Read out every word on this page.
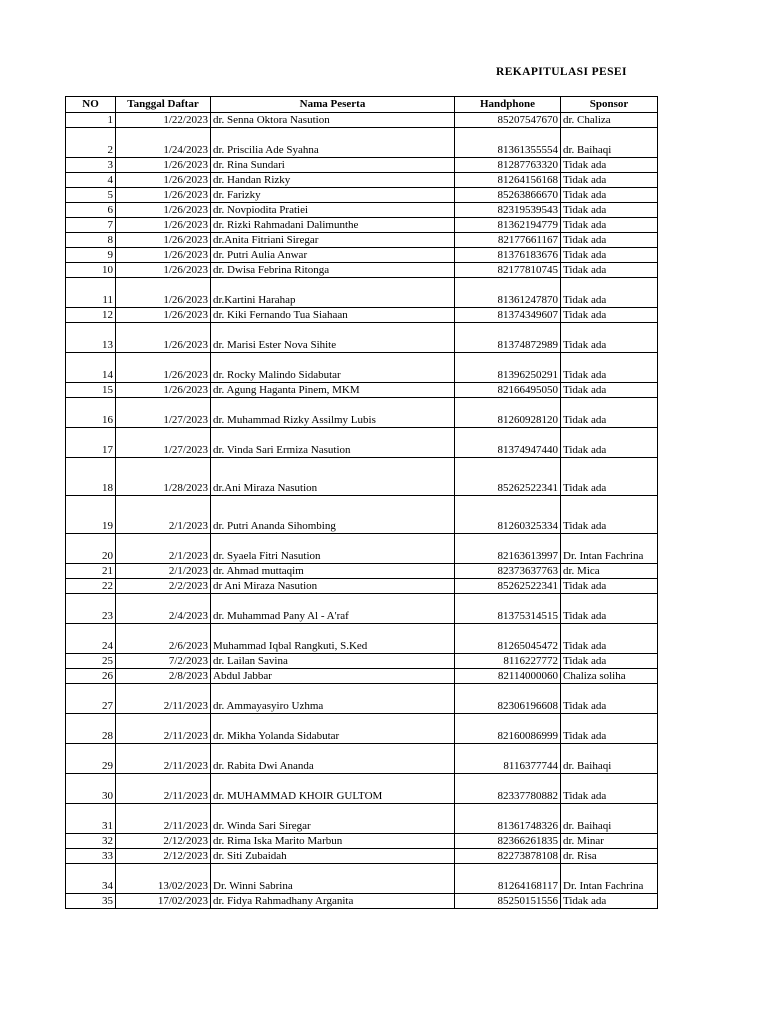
REKAPITULASI PESEI
NO	Tanggal Daftar	Nama Peserta	Handphone	Sponsor
1	1/22/2023	dr. Senna Oktora Nasution	85207547670	dr. Chaliza
2	1/24/2023	dr. Priscilia Ade Syahna	81361355554	dr. Baihaqi
3	1/26/2023	dr. Rina Sundari	81287763320	Tidak ada
4	1/26/2023	dr. Handan Rizky	81264156168	Tidak ada
5	1/26/2023	dr. Farizky	85263866670	Tidak ada
6	1/26/2023	dr. Novpiodita Pratiei	82319539543	Tidak ada
7	1/26/2023	dr. Rizki Rahmadani Dalimunthe	81362194779	Tidak ada
8	1/26/2023	dr.Anita Fitriani Siregar	82177661167	Tidak ada
9	1/26/2023	dr. Putri Aulia Anwar	81376183676	Tidak ada
10	1/26/2023	dr. Dwisa Febrina Ritonga	82177810745	Tidak ada
11	1/26/2023	dr.Kartini Harahap	81361247870	Tidak ada
12	1/26/2023	dr. Kiki Fernando Tua Siahaan	81374349607	Tidak ada
13	1/26/2023	dr. Marisi Ester Nova Sihite	81374872989	Tidak ada
14	1/26/2023	dr. Rocky Malindo Sidabutar	81396250291	Tidak ada
15	1/26/2023	dr. Agung Haganta Pinem, MKM	82166495050	Tidak ada
16	1/27/2023	dr. Muhammad Rizky Assilmy Lubis	81260928120	Tidak ada
17	1/27/2023	dr. Vinda Sari Ermiza Nasution	81374947440	Tidak ada
18	1/28/2023	dr.Ani Miraza Nasution	85262522341	Tidak ada
19	2/1/2023	dr. Putri Ananda Sihombing	81260325334	Tidak ada
20	2/1/2023	dr. Syaela Fitri Nasution	82163613997	Dr. Intan Fachrina
21	2/1/2023	dr. Ahmad muttaqim	82373637763	dr. Mica
22	2/2/2023	dr Ani Miraza Nasution	85262522341	Tidak ada
23	2/4/2023	dr. Muhammad Pany Al - A'raf	81375314515	Tidak ada
24	2/6/2023	Muhammad Iqbal Rangkuti, S.Ked	81265045472	Tidak ada
25	7/2/2023	dr. Lailan Savina	8116227772	Tidak ada
26	2/8/2023	Abdul Jabbar	82114000060	Chaliza soliha
27	2/11/2023	dr. Ammayasyiro Uzhma	82306196608	Tidak ada
28	2/11/2023	dr. Mikha Yolanda Sidabutar	82160086999	Tidak ada
29	2/11/2023	dr. Rabita Dwi Ananda	8116377744	dr. Baihaqi
30	2/11/2023	dr. MUHAMMAD KHOIR GULTOM	82337780882	Tidak ada
31	2/11/2023	dr. Winda Sari Siregar	81361748326	dr. Baihaqi
32	2/12/2023	dr. Rima Iska Marito Marbun	82366261835	dr. Minar
33	2/12/2023	dr. Siti Zubaidah	82273878108	dr. Risa
34	13/02/2023	Dr. Winni Sabrina	81264168117	Dr. Intan Fachrina
35	17/02/2023	dr. Fidya Rahmadhany Arganita	85250151556	Tidak ada
